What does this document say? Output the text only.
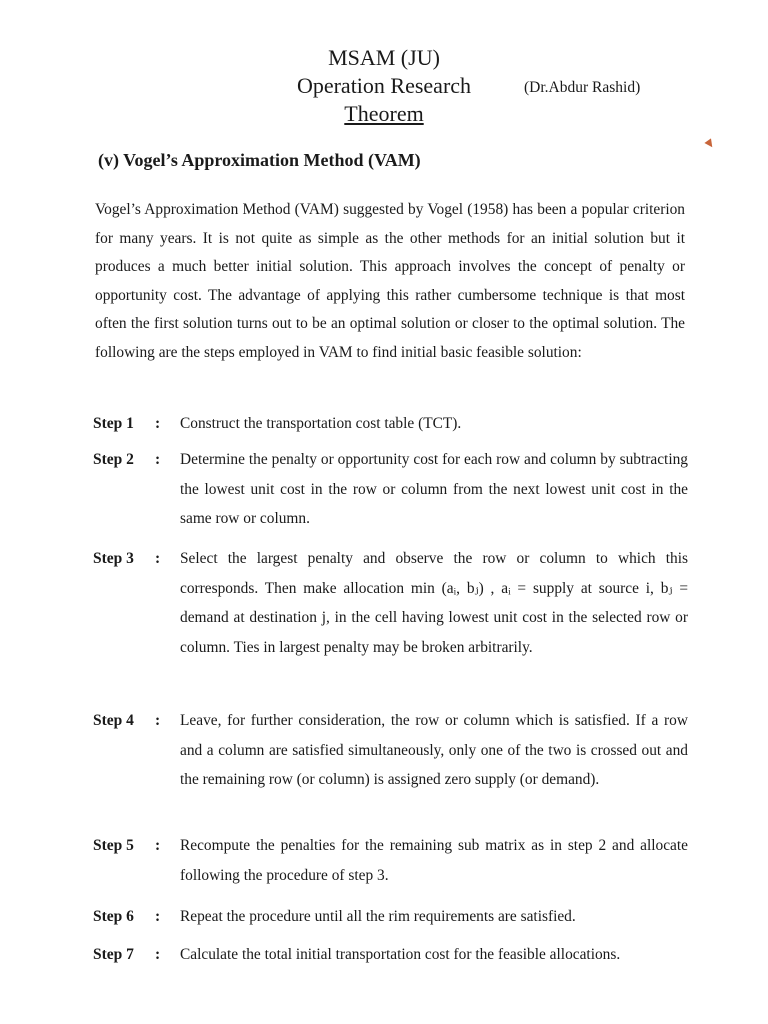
MSAM (JU)
Operation Research	(Dr.Abdur Rashid)
Theorem
(v) Vogel’s Approximation Method (VAM)
Vogel’s Approximation Method (VAM) suggested by Vogel (1958) has been a popular criterion for many years. It is not quite as simple as the other methods for an initial solution but it produces a much better initial solution. This approach involves the concept of penalty or opportunity cost. The advantage of applying this rather cumbersome technique is that most often the first solution turns out to be an optimal solution or closer to the optimal solution. The following are the steps employed in VAM to find initial basic feasible solution:
Step 1 : Construct the transportation cost table (TCT).
Step 2 : Determine the penalty or opportunity cost for each row and column by subtracting the lowest unit cost in the row or column from the next lowest unit cost in the same row or column.
Step 3 : Select the largest penalty and observe the row or column to which this corresponds. Then make allocation min (aᵢ, bⱼ) , aᵢ = supply at source i, bⱼ = demand at destination j, in the cell having lowest unit cost in the selected row or column. Ties in largest penalty may be broken arbitrarily.
Step 4 : Leave, for further consideration, the row or column which is satisfied. If a row and a column are satisfied simultaneously, only one of the two is crossed out and the remaining row (or column) is assigned zero supply (or demand).
Step 5 : Recompute the penalties for the remaining sub matrix as in step 2 and allocate following the procedure of step 3.
Step 6 : Repeat the procedure until all the rim requirements are satisfied.
Step 7 : Calculate the total initial transportation cost for the feasible allocations.
